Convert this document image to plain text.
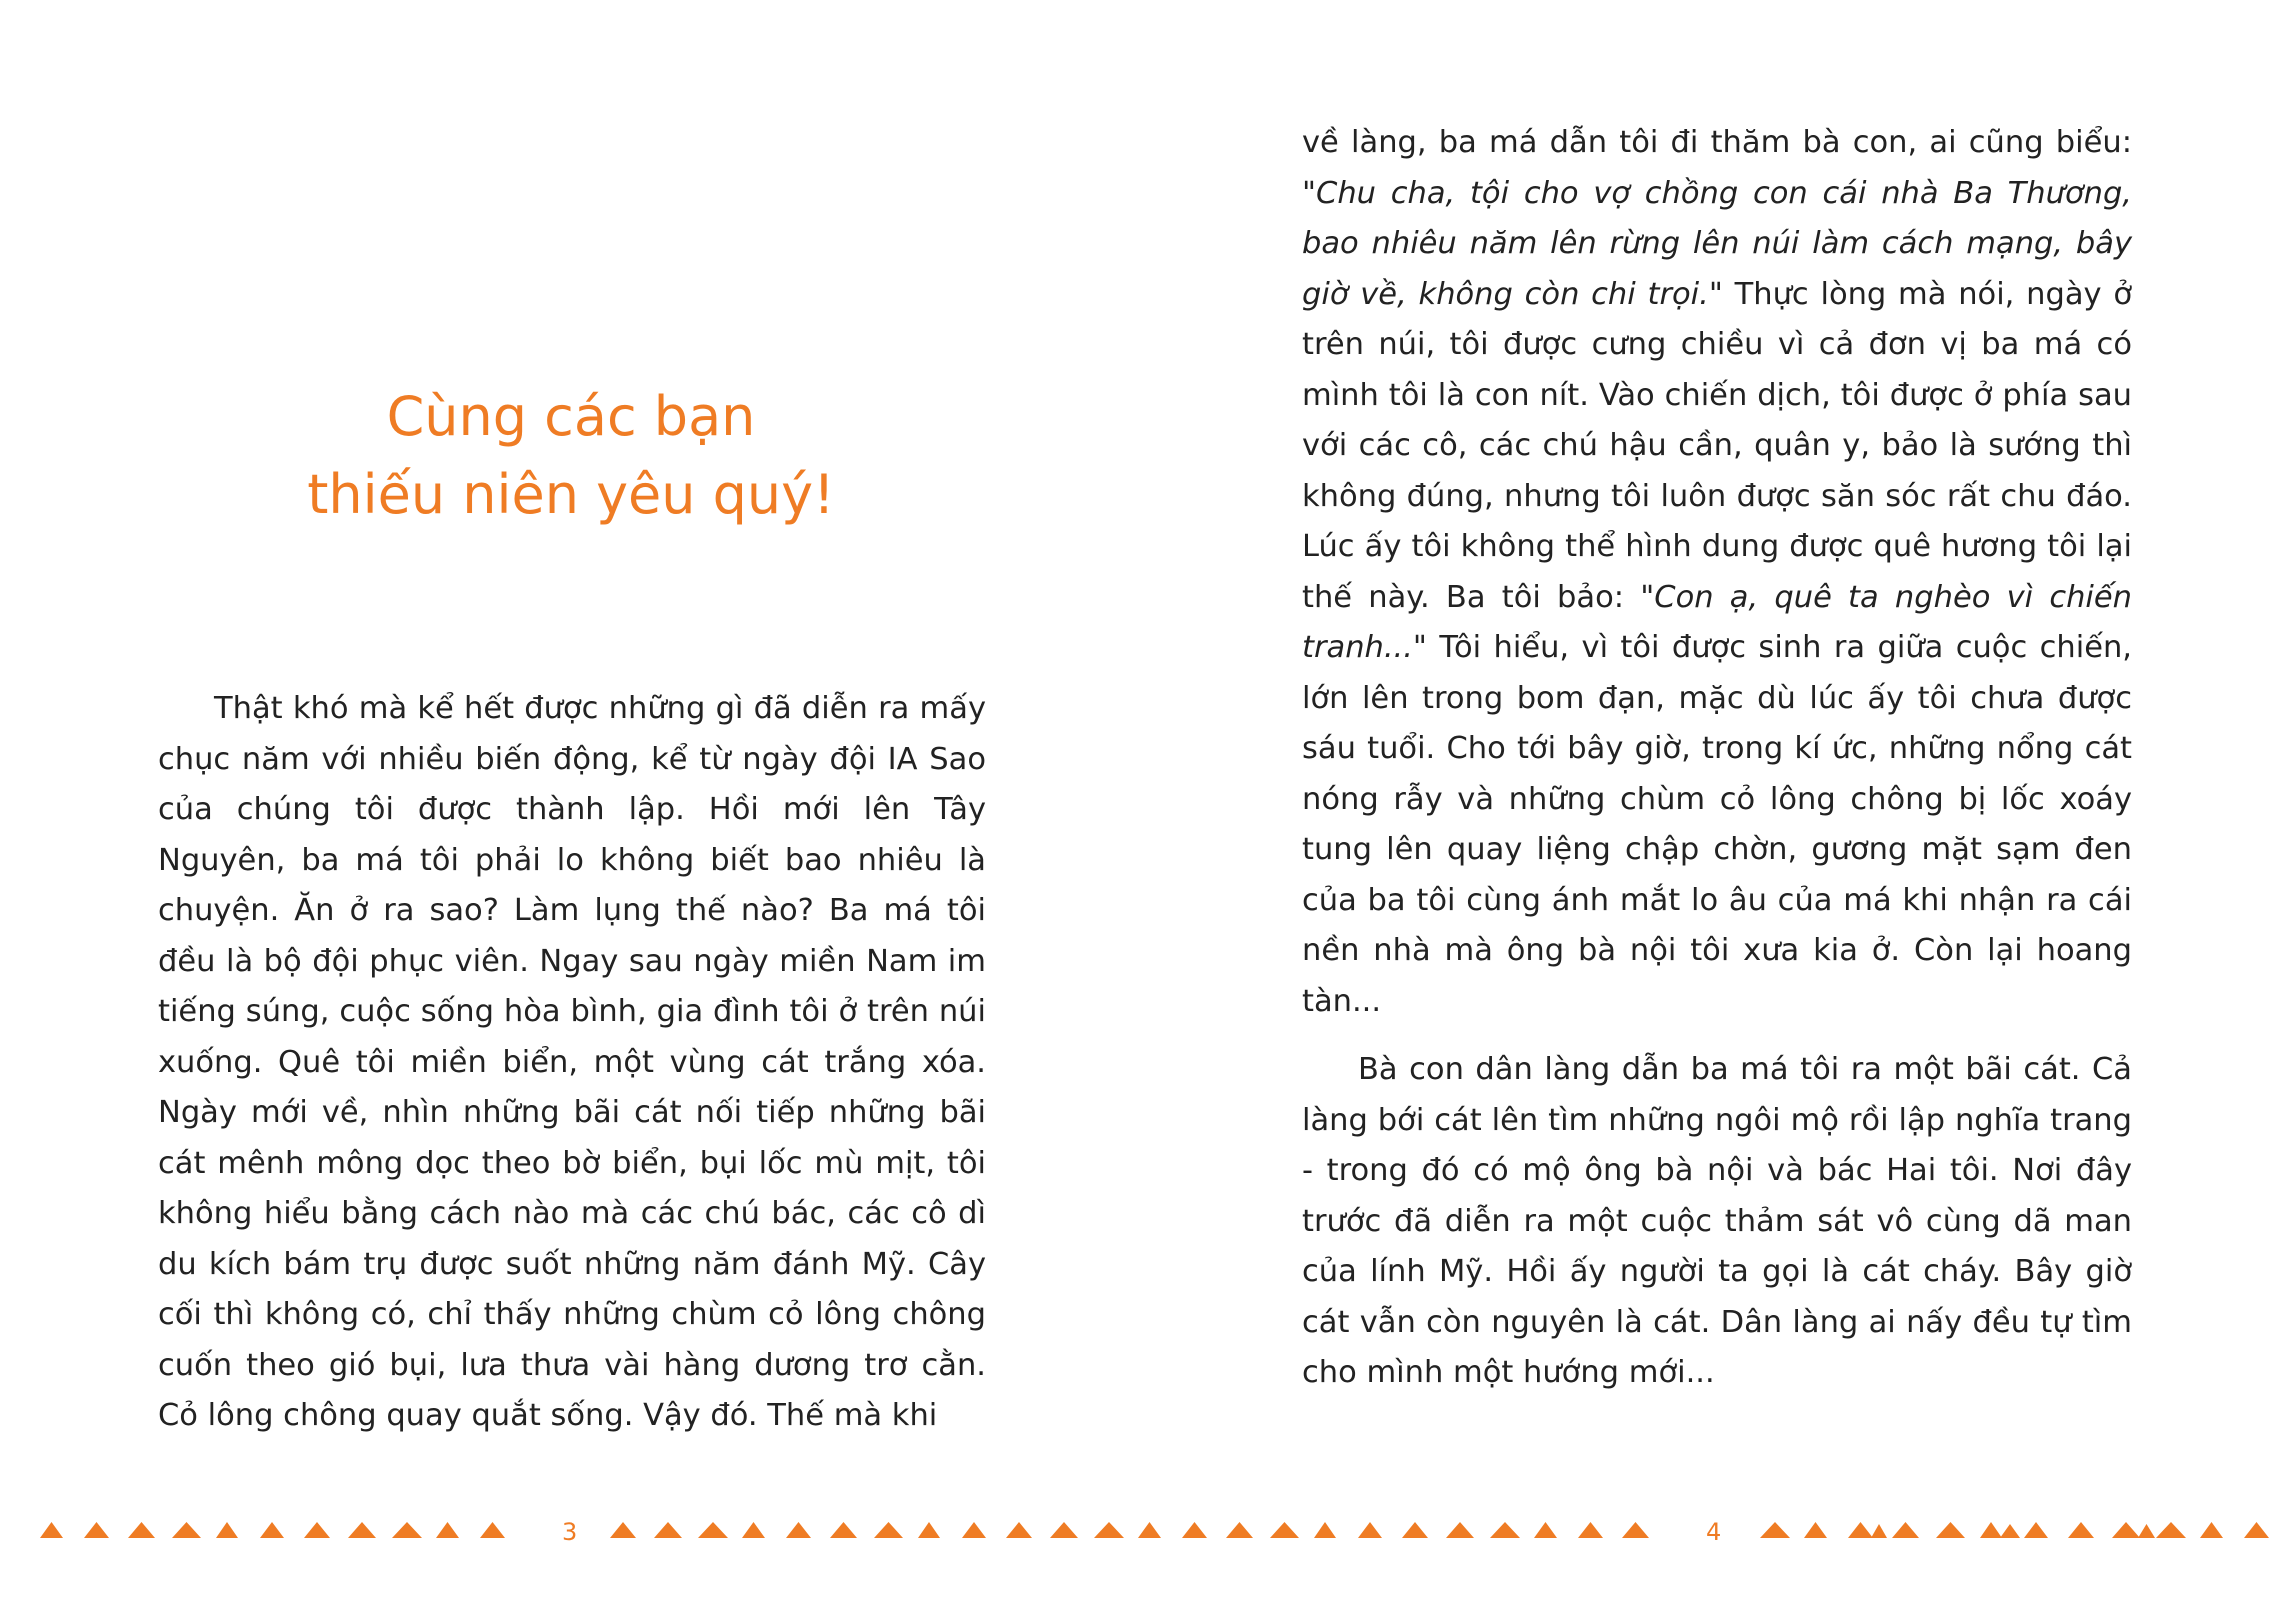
Cùng các bạn
thiếu niên yêu quý!

Thật khó mà kể hết được những gì đã diễn ra mấy chục năm với nhiều biến động, kể từ ngày đội IA Sao của chúng tôi được thành lập. Hồi mới lên Tây Nguyên, ba má tôi phải lo không biết bao nhiêu là chuyện. Ăn ở ra sao? Làm lụng thế nào? Ba má tôi đều là bộ đội phục viên. Ngay sau ngày miền Nam im tiếng súng, cuộc sống hòa bình, gia đình tôi ở trên núi xuống. Quê tôi miền biển, một vùng cát trắng xóa. Ngày mới về, nhìn những bãi cát nối tiếp những bãi cát mênh mông dọc theo bờ biển, bụi lốc mù mịt, tôi không hiểu bằng cách nào mà các chú bác, các cô dì du kích bám trụ được suốt những năm đánh Mỹ. Cây cối thì không có, chỉ thấy những chùm cỏ lông chông cuốn theo gió bụi, lưa thưa vài hàng dương trơ cằn. Cỏ lông chông quay quắt sống. Vậy đó. Thế mà khi

về làng, ba má dẫn tôi đi thăm bà con, ai cũng biểu: "Chu cha, tội cho vợ chồng con cái nhà Ba Thương, bao nhiêu năm lên rừng lên núi làm cách mạng, bây giờ về, không còn chi trọi." Thực lòng mà nói, ngày ở trên núi, tôi được cưng chiều vì cả đơn vị ba má có mình tôi là con nít. Vào chiến dịch, tôi được ở phía sau với các cô, các chú hậu cần, quân y, bảo là sướng thì không đúng, nhưng tôi luôn được săn sóc rất chu đáo. Lúc ấy tôi không thể hình dung được quê hương tôi lại thế này. Ba tôi bảo: "Con ạ, quê ta nghèo vì chiến tranh..." Tôi hiểu, vì tôi được sinh ra giữa cuộc chiến, lớn lên trong bom đạn, mặc dù lúc ấy tôi chưa được sáu tuổi. Cho tới bây giờ, trong kí ức, những nổng cát nóng rẫy và những chùm cỏ lông chông bị lốc xoáy tung lên quay liệng chập chờn, gương mặt sạm đen của ba tôi cùng ánh mắt lo âu của má khi nhận ra cái nền nhà mà ông bà nội tôi xưa kia ở. Còn lại hoang tàn...

Bà con dân làng dẫn ba má tôi ra một bãi cát. Cả làng bới cát lên tìm những ngôi mộ rồi lập nghĩa trang - trong đó có mộ ông bà nội và bác Hai tôi. Nơi đây trước đã diễn ra một cuộc thảm sát vô cùng dã man của lính Mỹ. Hồi ấy người ta gọi là cát cháy. Bây giờ cát vẫn còn nguyên là cát. Dân làng ai nấy đều tự tìm cho mình một hướng mới...

3	4
